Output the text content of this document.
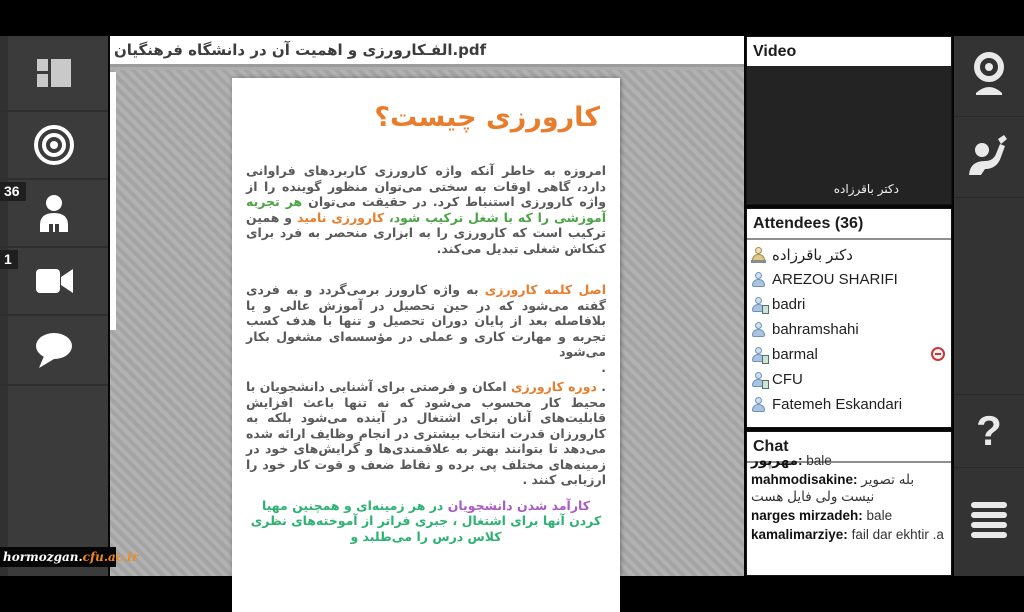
36
1
الفـکارورزی و اهمیت آن در دانشگاه فرهنگیان.pdf
کارورزی چیست؟

امروزه به خاطر آنکه واژه کارورزی کاربردهای فراوانی دارد، گاهی اوقات به سختی می‌توان منظور گوینده را از واژه کارورزی استنباط کرد. در حقیقت می‌توان هر تجربه آموزشی را که با شغل ترکیب شود، کارورزی نامید و همین ترکیب است که کارورزی را به ابزاری منحصر به فرد برای کنکاش شغلی تبدیل می‌کند.

اصل کلمه کارورزی به واژه کارورز برمی‌گردد و به فردی گفته می‌شود که در حین تحصیل در آموزش عالی و یا بلافاصله بعد از پایان دوران تحصیل و تنها با هدف کسب تجربه و مهارت کاری و عملی در مؤسسه‌ای مشغول بکار می‌شود

.

. دوره کارورزی امکان و فرصتی برای آشنایی دانشجویان با محیط کار محسوب می‌شود که نه تنها باعث افزایش قابلیت‌های آنان برای اشتغال در آینده می‌شود بلکه به کارورزان قدرت انتخاب بیشتری در انجام وظایف ارائه شده می‌دهد تا بتوانند بهتر به علاقمندی‌ها و گرایش‌های خود در زمینه‌های مختلف پی برده و نقاط ضعف و قوت کار خود را ارزیابی کنند .

کارآمد شدن دانشجویان در هر زمینه‌ای و همچنین مهیا کردن آنها برای اشتغال ، جبری فراتر از آموخته‌های نظری کلاس درس را می‌طلبد و

Video
دکتر باقرزاده
Attendees (36)
دکتر باقرزاده
AREZOU SHARIFI
badri
bahramshahi
barmal
CFU
Fatemeh Eskandari
Chat
مهرپور: bale
mahmodisakine: بله تصویر نیست ولی فایل هست
narges mirzadeh: bale
kamalimarziye: fail dar ekhtir .a
?
hormozgan.cfu.ac.ir
